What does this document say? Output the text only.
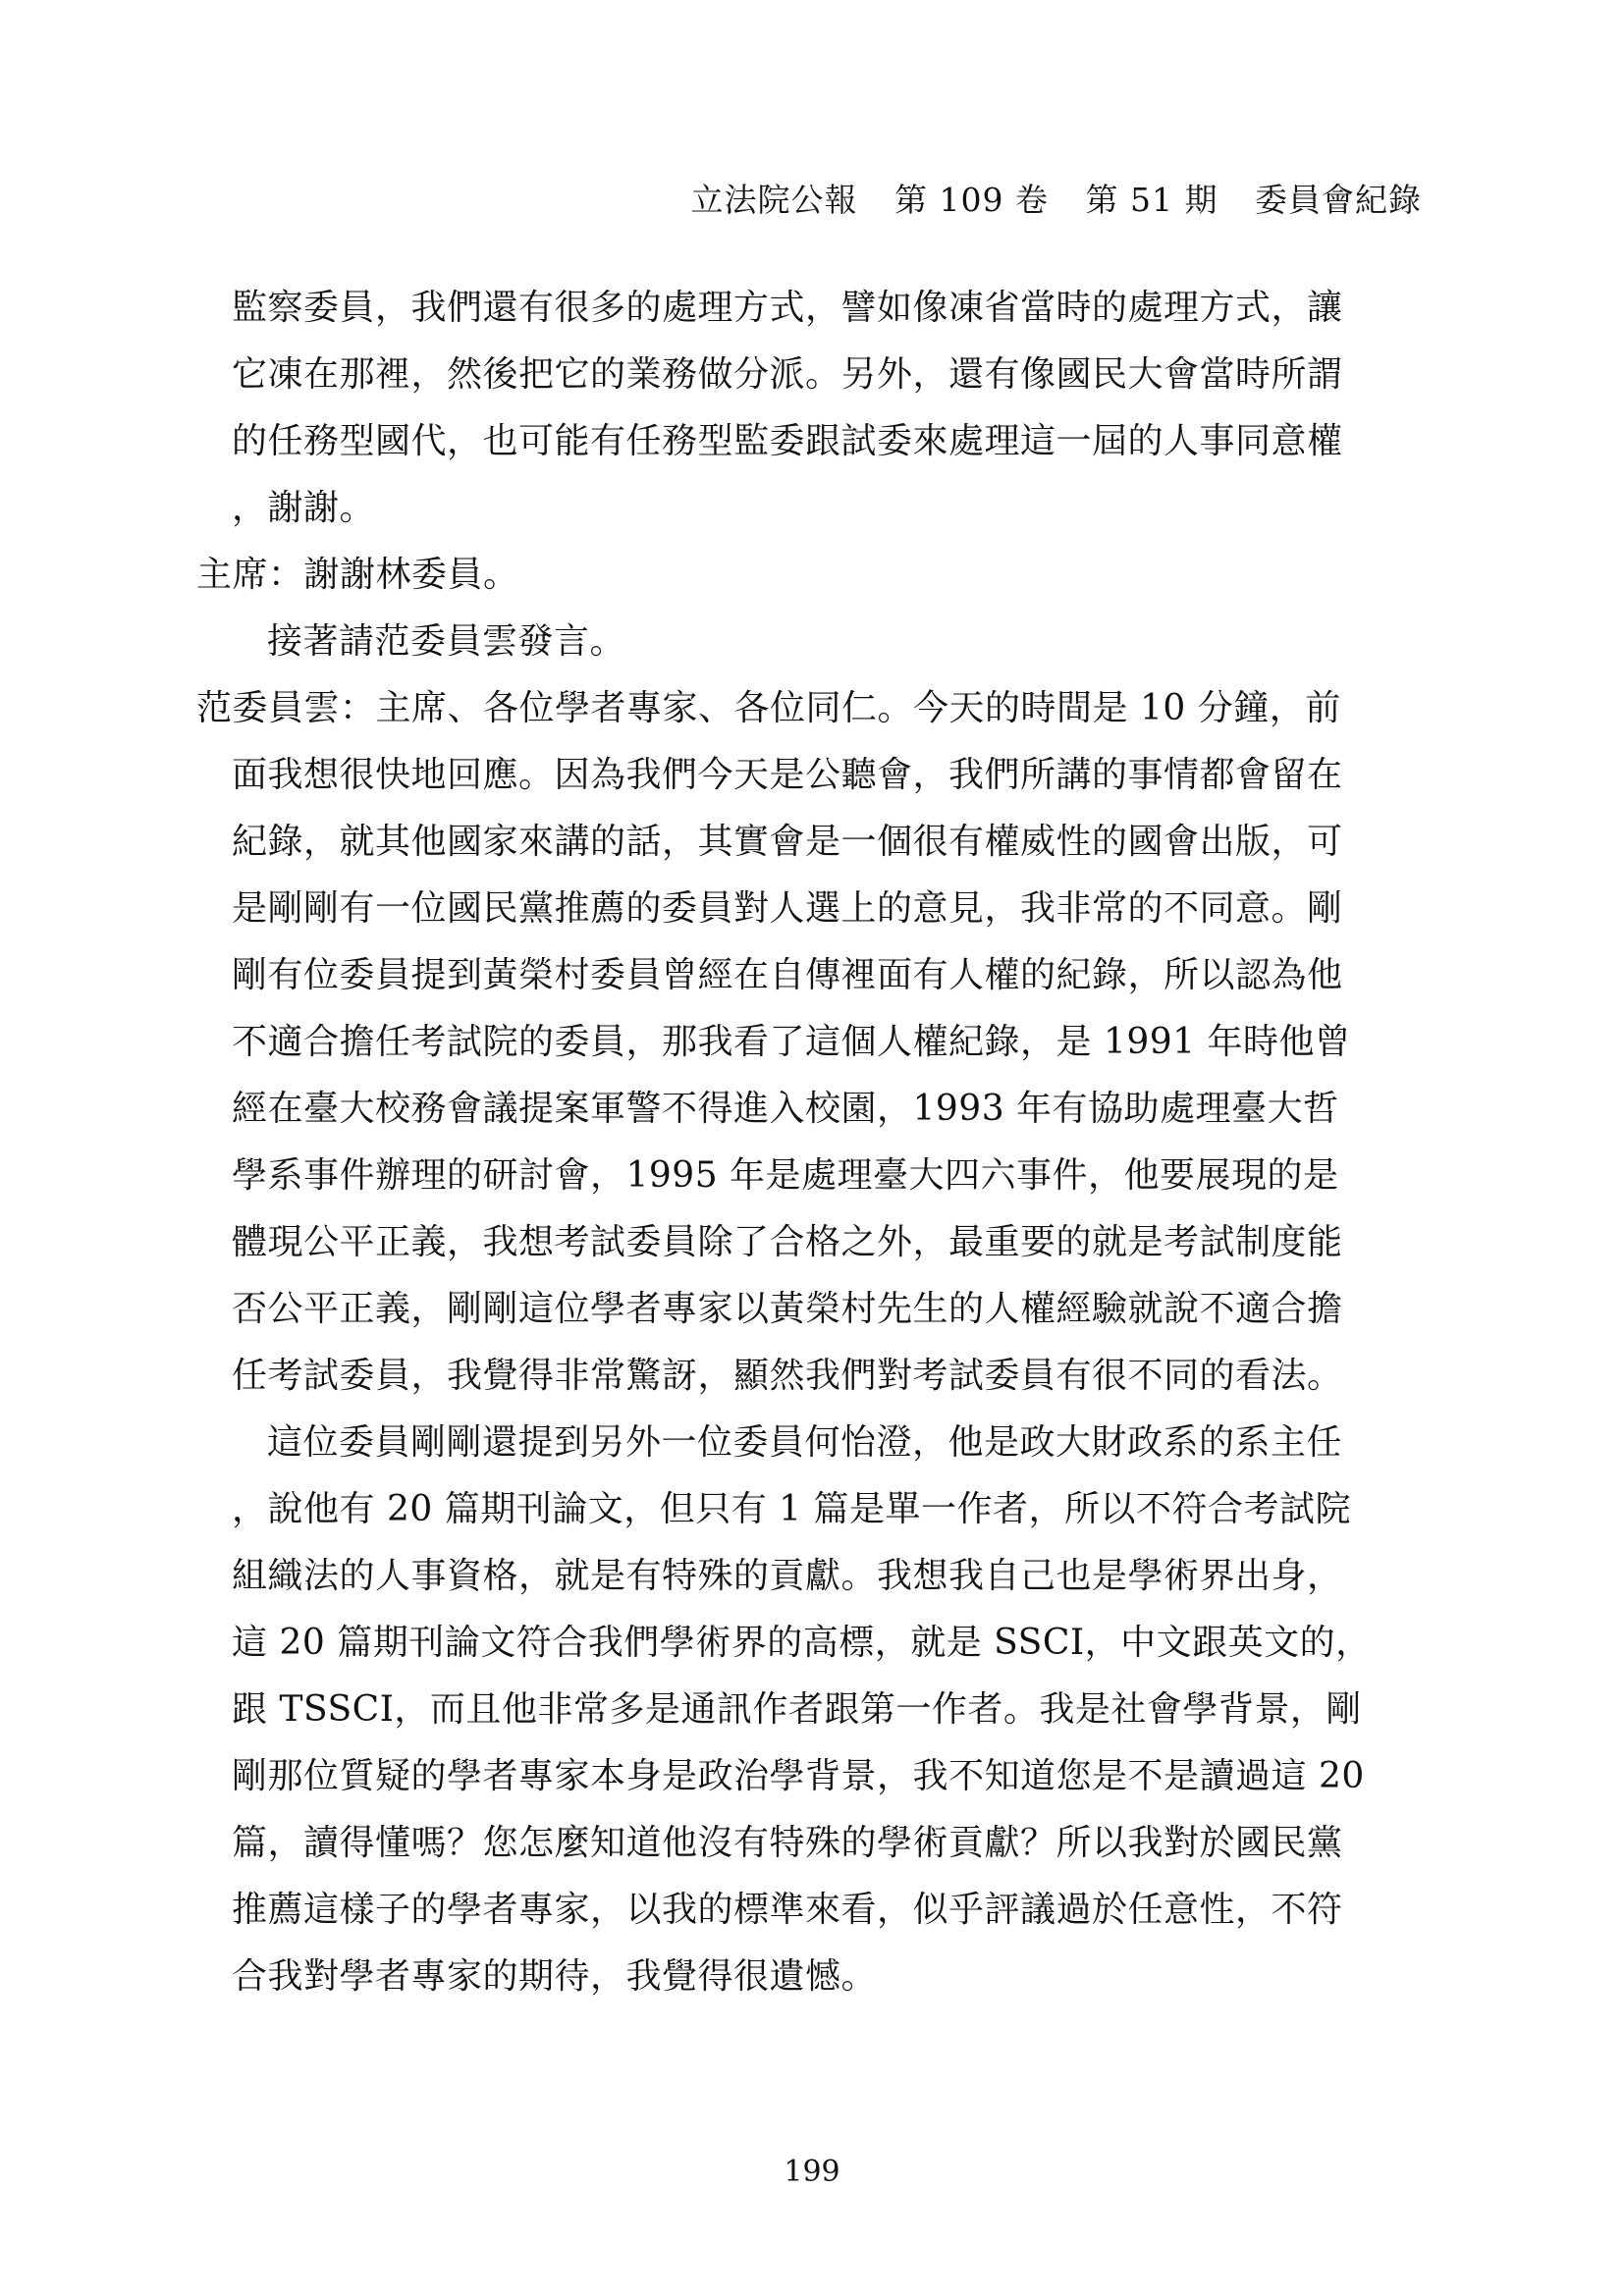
立法院公報 第 109 卷 第 51 期 委員會紀錄
監察委員，我們還有很多的處理方式，譬如像凍省當時的處理方式，讓
它凍在那裡，然後把它的業務做分派。另外，還有像國民大會當時所謂
的任務型國代，也可能有任務型監委跟試委來處理這一屆的人事同意權
，謝謝。
主席：謝謝林委員。
接著請范委員雲發言。
范委員雲：主席、各位學者專家、各位同仁。今天的時間是 10 分鐘，前
面我想很快地回應。因為我們今天是公聽會，我們所講的事情都會留在
紀錄，就其他國家來講的話，其實會是一個很有權威性的國會出版，可
是剛剛有一位國民黨推薦的委員對人選上的意見，我非常的不同意。剛
剛有位委員提到黃榮村委員曾經在自傳裡面有人權的紀錄，所以認為他
不適合擔任考試院的委員，那我看了這個人權紀錄，是 1991 年時他曾
經在臺大校務會議提案軍警不得進入校園，1993 年有協助處理臺大哲
學系事件辦理的研討會，1995 年是處理臺大四六事件，他要展現的是
體現公平正義，我想考試委員除了合格之外，最重要的就是考試制度能
否公平正義，剛剛這位學者專家以黃榮村先生的人權經驗就說不適合擔
任考試委員，我覺得非常驚訝，顯然我們對考試委員有很不同的看法。
這位委員剛剛還提到另外一位委員何怡澄，他是政大財政系的系主任
，說他有 20 篇期刊論文，但只有 1 篇是單一作者，所以不符合考試院
組織法的人事資格，就是有特殊的貢獻。我想我自己也是學術界出身，
這 20 篇期刊論文符合我們學術界的高標，就是 SSCI，中文跟英文的，
跟 TSSCI，而且他非常多是通訊作者跟第一作者。我是社會學背景，剛
剛那位質疑的學者專家本身是政治學背景，我不知道您是不是讀過這 20
篇，讀得懂嗎？您怎麼知道他沒有特殊的學術貢獻？所以我對於國民黨
推薦這樣子的學者專家，以我的標準來看，似乎評議過於任意性，不符
合我對學者專家的期待，我覺得很遺憾。
199
